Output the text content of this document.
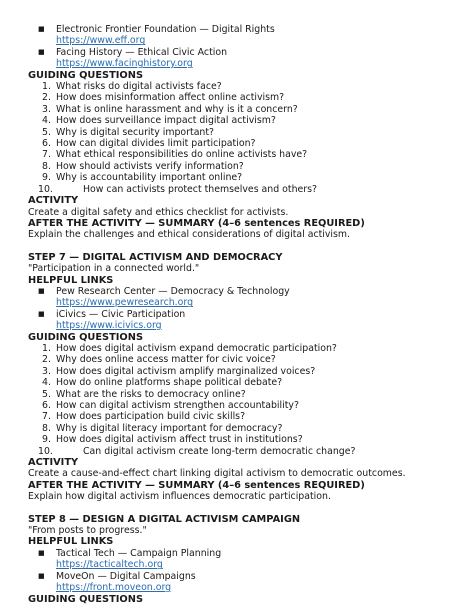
■ Electronic Frontier Foundation — Digital Rights
https://www.eff.org
■ Facing History — Ethical Civic Action
https://www.facinghistory.org
GUIDING QUESTIONS
1. What risks do digital activists face?
2. How does misinformation affect online activism?
3. What is online harassment and why is it a concern?
4. How does surveillance impact digital activism?
5. Why is digital security important?
6. How can digital divides limit participation?
7. What ethical responsibilities do online activists have?
8. How should activists verify information?
9. Why is accountability important online?
10.	How can activists protect themselves and others?
ACTIVITY
Create a digital safety and ethics checklist for activists.
AFTER THE ACTIVITY — SUMMARY (4–6 sentences REQUIRED)
Explain the challenges and ethical considerations of digital activism.
STEP 7 — DIGITAL ACTIVISM AND DEMOCRACY
"Participation in a connected world."
HELPFUL LINKS
■ Pew Research Center — Democracy & Technology
https://www.pewresearch.org
■ iCivics — Civic Participation
https://www.icivics.org
GUIDING QUESTIONS
1. How does digital activism expand democratic participation?
2. Why does online access matter for civic voice?
3. How does digital activism amplify marginalized voices?
4. How do online platforms shape political debate?
5. What are the risks to democracy online?
6. How can digital activism strengthen accountability?
7. How does participation build civic skills?
8. Why is digital literacy important for democracy?
9. How does digital activism affect trust in institutions?
10.	Can digital activism create long-term democratic change?
ACTIVITY
Create a cause-and-effect chart linking digital activism to democratic outcomes.
AFTER THE ACTIVITY — SUMMARY (4–6 sentences REQUIRED)
Explain how digital activism influences democratic participation.
STEP 8 — DESIGN A DIGITAL ACTIVISM CAMPAIGN
"From posts to progress."
HELPFUL LINKS
■ Tactical Tech — Campaign Planning
https://tacticaltech.org
■ MoveOn — Digital Campaigns
https://front.moveon.org
GUIDING QUESTIONS
